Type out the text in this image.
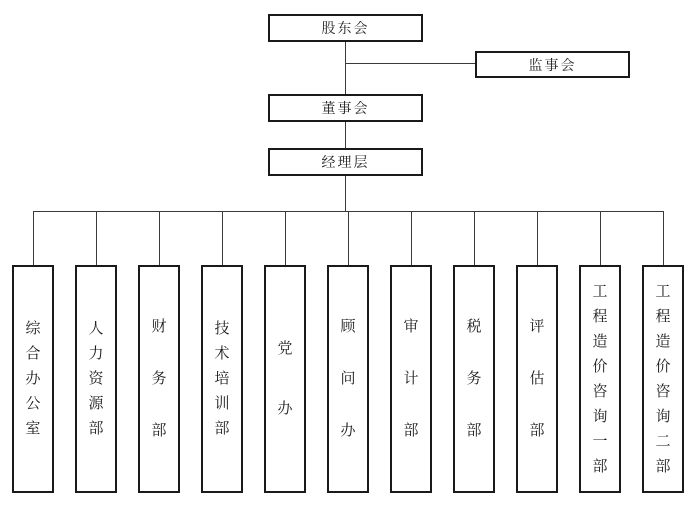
股东会
监事会
董事会
经理层
综
合
办
公
室
人
力
资
源
部
财
务
部
技
术
培
训
部
党
办
顾
问
办
审
计
部
税
务
部
评
估
部
工
程
造
价
咨
询
一
部
工
程
造
价
咨
询
二
部
